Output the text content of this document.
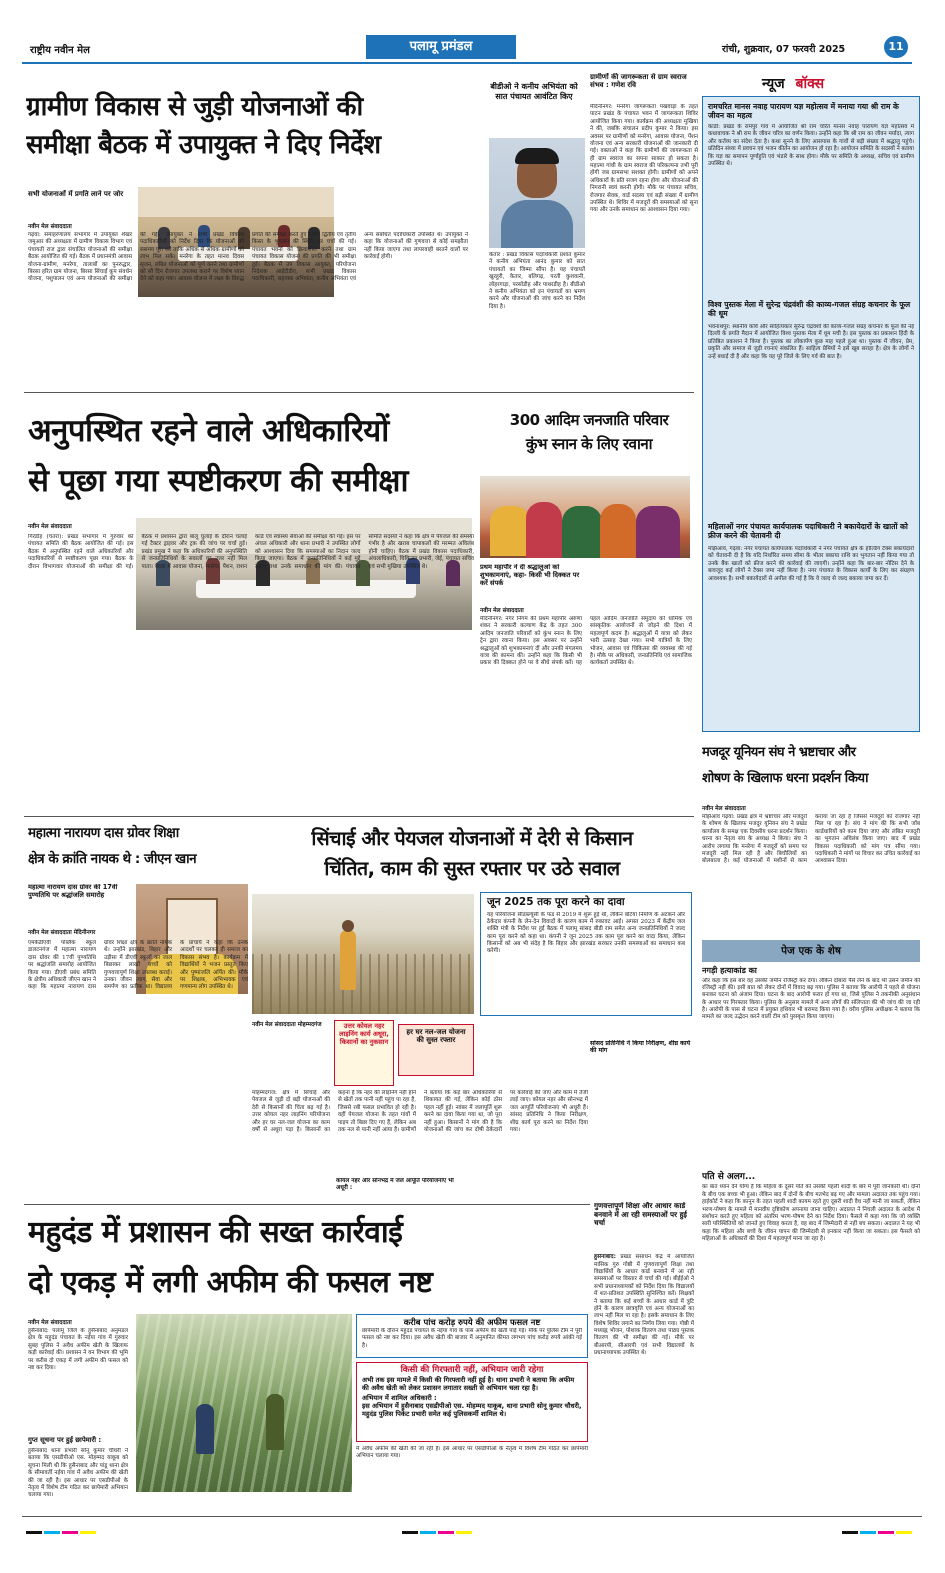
राष्ट्रीय नवीन मेल	पलामू प्रमंडल	रांची, शुक्रवार, 07 फरवरी 2025	11
ग्रामीण विकास से जुड़ी योजनाओं की
समीक्षा बैठक में उपायुक्त ने दिए निर्देश
सभी योजनाओं में प्रगति लाने पर जोर
नवीन मेल संवाददाता
गढ़वा: समाहरणालय सभागार में उपायुक्त शेखर जमुआर की अध्यक्षता में ग्रामीण विकास विभाग एवं पंचायती राज द्वारा संचालित योजनाओं की समीक्षा बैठक आयोजित की गई। बैठक में प्रधानमंत्री आवास योजना-ग्रामीण, मनरेगा, तालाबों का पुनरुद्धार, बिरसा हरित ग्राम योजना, बिरसा सिंचाई कूप संवर्धन योजना, पशुपालन एवं अन्य योजनाओं की समीक्षा की गई। उपायुक्त ने सभी प्रखंड विकास पदाधिकारियों को निर्देश दिया कि योजनाओं को ससमय पूरा करें ताकि अधिक से अधिक ग्रामीणों को लाभ मिल सके। मनरेगा के तहत मानव दिवस सृजन, लंबित योजनाओं को पूर्ण करने तथा ग्रामीणों को सौ दिन रोजगार उपलब्ध कराने पर विशेष ध्यान देने को कहा गया। आवास योजना में लक्ष्य के विरुद्ध प्रगति की समीक्षा करते हुए प्रथम, द्वितीय एवं तृतीय किस्त के भुगतान की स्थिति पर चर्चा की गई। पंचायत भवनों को क्रियाशील करने तथा ग्राम पंचायत विकास योजना की प्रगति की भी समीक्षा हुई। बैठक में उप विकास आयुक्त, परियोजना निदेशक आईटीडीए, सभी प्रखंड विकास पदाधिकारी, सहायक अभियंता, कनीय अभियंता एवं अन्य संबंधित पदाधिकारी उपस्थित थे। उपायुक्त ने कहा कि योजनाओं की गुणवत्ता से कोई समझौता नहीं किया जाएगा तथा लापरवाही बरतने वालों पर कार्रवाई होगी।
बीडीओ ने कनीय अभियंता को सात पंचायत आवंटित किए
केतार : प्रखंड विकास पदाधिकारी प्रशांत कुमार ने कनीय अभियंता आनंद कुमार को सात पंचायतों का जिम्मा सौंपा है। यह पंचायतें खुरहुरी, केतार, बलिगढ़, परती कुशवानी, लोहरगाड़ा, परसोडीह और पाथरडीह है। बीडीओ ने कनीय अभियंता को इन पंचायतों का भ्रमण करने और योजनाओं की जांच करने का निर्देश दिया है।
ग्रामीणों की जागरूकता से ग्राम स्वराज संभव : गणेश रवि
मेदिनीनगर: मनरेगा जागरूकता पखवाड़ा के तहत पाटन प्रखंड के पंचायत भवन में जागरूकता शिविर आयोजित किया गया। कार्यक्रम की अध्यक्षता मुखिया ने की, जबकि संचालन प्रदीप कुमार ने किया। इस अवसर पर ग्रामीणों को मनरेगा, आवास योजना, पेंशन योजना एवं अन्य सरकारी योजनाओं की जानकारी दी गई। वक्ताओं ने कहा कि ग्रामीणों की जागरूकता से ही ग्राम स्वराज का सपना साकार हो सकता है। महात्मा गांधी के ग्राम स्वराज की परिकल्पना तभी पूरी होगी जब ग्रामसभा सशक्त होगी। ग्रामीणों को अपने अधिकारों के प्रति सजग रहना होगा और योजनाओं की निगरानी स्वयं करनी होगी। मौके पर पंचायत सचिव, रोजगार सेवक, वार्ड सदस्य एवं बड़ी संख्या में ग्रामीण उपस्थित थे। शिविर में मजदूरों की समस्याओं को सुना गया और उनके समाधान का आश्वासन दिया गया।
न्यूज बॉक्स
रामचरित मानस नवाह पारायण यज्ञ महोत्सव में मनाया गया श्री राम के जीवन का महत्व
कांडी: प्रखंड के रामपुर गांव में आयोजित श्री राम चरित मानस नवाह पारायण यज्ञ महोत्सव में कथावाचक ने श्री राम के जीवन चरित्र का वर्णन किया। उन्होंने कहा कि श्री राम का जीवन मर्यादा, त्याग और कर्तव्य का संदेश देता है। कथा सुनने के लिए आसपास के गांवों से बड़ी संख्या में श्रद्धालु पहुंचे। प्रतिदिन संध्या में प्रवचन एवं भजन कीर्तन का आयोजन हो रहा है। आयोजन समिति के सदस्यों ने बताया कि यज्ञ का समापन पूर्णाहुति एवं भंडारे के साथ होगा। मौके पर समिति के अध्यक्ष, सचिव एवं ग्रामीण उपस्थित थे।
विश्व पुस्तक मेला में सुरेन्द्र चंद्रवंशी की काव्य-गजल संग्रह कचनार के फूल की धूम
भवनाथपुर: स्थानीय कवि और साहित्यकार सुरेन्द्र चंद्रवंशी की काव्य-गजल संग्रह कचनार के फूल की नई दिल्ली के प्रगति मैदान में आयोजित विश्व पुस्तक मेला में धूम मची है। इस पुस्तक का प्रकाशन हिंदी के प्रतिष्ठित प्रकाशन ने किया है। पुस्तक का लोकार्पण कुछ माह पहले हुआ था। पुस्तक में जीवन, प्रेम, प्रकृति और समाज से जुड़ी रचनाएं संकलित हैं। साहित्य प्रेमियों ने इसे खूब सराहा है। क्षेत्र के लोगों ने उन्हें बधाई दी है और कहा कि यह पूरे जिले के लिए गर्व की बात है।
महिलाओं नगर पंचायत कार्यपालक पदाधिकारी ने बकायेदारों के खातों को फ्रीज करने की चेतावनी दी
मझिआंव, गढ़वा: नगर पंचायत कार्यपालक पदाधिकारी ने नगर पंचायत क्षेत्र के होल्डिंग टैक्स बकायेदारों को चेतावनी दी है कि यदि निर्धारित समय सीमा के भीतर बकाया राशि का भुगतान नहीं किया गया तो उनके बैंक खातों को फ्रीज करने की कार्रवाई की जाएगी। उन्होंने कहा कि बार-बार नोटिस देने के बावजूद कई लोगों ने टैक्स जमा नहीं किया है। नगर पंचायत के विकास कार्यों के लिए कर संग्रहण आवश्यक है। सभी बकायेदारों से अपील की गई है कि वे जल्द से जल्द बकाया जमा कर दें।
अनुपस्थित रहने वाले अधिकारियों
से पूछा गया स्पष्टीकरण की समीक्षा
नवीन मेल संवाददाता
गिरडीह (चतरा): प्रखंड सभागार में गुरुवार को पंचायत समिति की बैठक आयोजित की गई। इस बैठक में अनुपस्थित रहने वाले अधिकारियों और पदाधिकारियों से स्पष्टीकरण पूछा गया। बैठक के दौरान विभागवार योजनाओं की समीक्षा की गई। बैठक में प्रशासन द्वारा बालू घुलाई के दौरान चलाई गई टैक्टर ड्राइवर और ट्रक की जांच पर चर्चा हुई। प्रखंड प्रमुख ने कहा कि अधिकारियों की अनुपस्थिति से जनप्रतिनिधियों के सवालों का उत्तर नहीं मिल पाता। बैठक में आवास योजना, मनरेगा, पेंशन, राशन कार्ड एवं स्वास्थ्य सेवाओं की समीक्षा की गई। इस पर अंचल अधिकारी और थाना प्रभारी ने उपस्थित लोगों को आश्वासन दिया कि समस्याओं का निदान जल्द किया जाएगा। बैठक में जनप्रतिनिधियों ने कई मुद्दे उठाए तथा उनके समाधान की मांग की। पंचायत समिति सदस्यों ने कहा कि क्षेत्र में पेयजल की समस्या गंभीर है और खराब चापाकलों की मरम्मत अविलंब होनी चाहिए। बैठक में प्रखंड विकास पदाधिकारी, अंचलाधिकारी, चिकित्सा प्रभारी, जेई, पंचायत सचिव एवं सभी मुखिया उपस्थित थे।
300 आदिम जनजाति परिवार
कुंभ स्नान के लिए रवाना
प्रथम महापौर ने दी श्रद्धालुओं को शुभकामनाएं, कहा- किसी भी दिक्कत पर करें संपर्क
नवीन मेल संवाददाता
मेदिनीनगर: नगर निगम की प्रथम महापौर अरुणा शंकर ने सरकारी कल्याण केंद्र के तहत 300 आदिम जनजाति परिवारों को कुंभ स्नान के लिए ट्रेन द्वारा रवाना किया। इस अवसर पर उन्होंने श्रद्धालुओं को शुभकामनाएं दीं और उनकी मंगलमय यात्रा की कामना की। उन्होंने कहा कि किसी भी प्रकार की दिक्कत होने पर वे सीधे संपर्क करें। यह पहल आदिम जनजाति समुदाय को धार्मिक एवं सांस्कृतिक आयोजनों से जोड़ने की दिशा में महत्वपूर्ण कदम है। श्रद्धालुओं में यात्रा को लेकर भारी उत्साह देखा गया। सभी यात्रियों के लिए भोजन, आवास एवं चिकित्सा की व्यवस्था की गई है। मौके पर अधिकारी, जनप्रतिनिधि एवं सामाजिक कार्यकर्ता उपस्थित थे।
मजदूर यूनियन संघ ने भ्रष्टाचार और
शोषण के खिलाफ धरना प्रदर्शन किया
नवीन मेल संवाददाता
मझिआंव गढ़वा: प्रखंड क्षेत्र में भ्रष्टाचार और मजदूरों के शोषण के खिलाफ मजदूर यूनियन संघ ने प्रखंड कार्यालय के समक्ष एक दिवसीय धरना प्रदर्शन किया। धरना का नेतृत्व संघ के अध्यक्ष ने किया। संघ ने आरोप लगाया कि मनरेगा में मजदूरों को समय पर मजदूरी नहीं मिल रही है और बिचौलियों का बोलबाला है। कई योजनाओं में मशीनों से काम कराया जा रहा है जिससे मजदूरों को रोजगार नहीं मिल पा रहा है। संघ ने मांग की कि सभी जॉब कार्डधारियों को काम दिया जाए और लंबित मजदूरी का भुगतान अविलंब किया जाए। बाद में प्रखंड विकास पदाधिकारी को मांग पत्र सौंपा गया। पदाधिकारी ने मांगों पर विचार कर उचित कार्रवाई का आश्वासन दिया।
महात्मा नारायण दास ग्रोवर शिक्षा
क्षेत्र के क्रांति नायक थे : जीएन खान
महात्मा नारायण दास ग्रोवर की 17वीं पुण्यतिथि पर श्रद्धांजलि समारोह
नवीन मेल संवाददाता मेदिनीनगर
एमकेडीएवी पब्लिक स्कूल डालटनगंज में महात्मा नारायण दास ग्रोवर की 17वीं पुण्यतिथि पर श्रद्धांजलि समारोह आयोजित किया गया। डीएवी प्रबंध समिति के क्षेत्रीय अधिकारी जीएन खान ने कहा कि महात्मा नारायण दास ग्रोवर शिक्षा क्षेत्र के क्रांति नायक थे। उन्होंने झारखंड, बिहार और उड़ीसा में डीएवी स्कूलों का जाल बिछाकर लाखों बच्चों को गुणवत्तापूर्ण शिक्षा उपलब्ध कराई। उनका जीवन त्याग, सेवा और समर्पण का प्रतीक था। विद्यालय के प्राचार्य ने कहा कि उनके आदर्शों पर चलकर ही समाज का विकास संभव है। कार्यक्रम में विद्यार्थियों ने भजन प्रस्तुत किए और पुष्पांजलि अर्पित की। मौके पर शिक्षक, अभिभावक एवं गणमान्य लोग उपस्थित थे।
सिंचाई और पेयजल योजनाओं में देरी से किसान
चिंतित, काम की सुस्त रफ्तार पर उठे सवाल
जून 2025 तक पूरा करने का दावा
यह परियोजना सीडब्ल्यूसी के फंड से 2019 में शुरू हुई थी, लेकिन बंटिया निर्माण के अटकने और ठेकेदार कंपनी के लेन-देन विवादों के कारण काम में रुकावट आई। अगस्त 2023 में केंद्रीय जल शक्ति मंत्री के निर्देश पर हुई बैठक में पलामू सांसद बीडी राम समेत अन्य जनप्रतिनिधियों ने जल्द काम पूरा करने को कहा था। कंपनी ने जून 2025 तक काम पूरा करने का वादा किया, लेकिन किसानों को अब भी संदेह है कि बिहार और झारखंड सरकार उनकी समस्याओं का समाधान कब करेगी।
नवीन मेल संवाददाता मोहम्मदगंज	उत्तर कोयल नहर लाइनिंग कार्य अधूरा, किसानों का नुकसान
हर घर नल-जल योजना की सुस्त रफ्तार
मोहम्मदगंज: क्षेत्र में सिंचाई और पेयजल से जुड़ी दो बड़ी योजनाओं की देरी से किसानों की चिंता बढ़ गई है। उत्तर कोयल नहर लाइनिंग परियोजना और हर घर नल-जल योजना का काम वर्षों से अधूरा पड़ा है। किसानों का कहना है कि नहर की लाइनिंग नहीं होने से खेतों तक पानी नहीं पहुंच पा रहा है, जिससे रबी फसल प्रभावित हो रही है। वहीं पेयजल योजना के तहत गांवों में पाइप तो बिछा दिए गए हैं, लेकिन अब तक नल से पानी नहीं आया है। ग्रामीणों ने बताया कि कई बार अधिकारियों से शिकायत की गई, लेकिन कोई ठोस पहल नहीं हुई। नवंबर में जलापूर्ति शुरू करने का दावा किया गया था, जो पूरा नहीं हुआ। किसानों ने मांग की है कि योजनाओं की जांच कर दोषी ठेकेदारों पर कार्रवाई की जाए और काम में तेजी लाई जाए। कोयल नहर और सोनभद्र में जल आपूर्ति परियोजनाएं भी अधूरी हैं। सांसद प्रतिनिधि ने किया निरीक्षण, शीघ्र कार्य पूरा करने का निर्देश दिया गया।
कोयल नहर और सोनभद्र में जल आपूर्ति परियोजनाएं भी अधूरी :
सांसद प्रतिनिधि ने किया निरीक्षण, शीघ्र कार्य की मांग
पेज एक के शेष
नगड़ी हत्याकांड का
और कहा कि इस बार वह उसकी जमीन रजिस्ट्री कर देगा। लेकिन दोबारा पैसे लेने के बाद भी उसने जमीन की रजिस्ट्री नहीं की। इसी बात को लेकर दोनों में विवाद बढ़ गया। पुलिस ने बताया कि आरोपी ने पहले से योजना बनाकर घटना को अंजाम दिया। घटना के बाद आरोपी फरार हो गया था, जिसे पुलिस ने तकनीकी अनुसंधान के आधार पर गिरफ्तार किया। पुलिस के अनुसार मामले में अन्य लोगों की संलिप्तता की भी जांच की जा रही है। आरोपी के पास से घटना में प्रयुक्त हथियार भी बरामद किया गया है। वरीय पुलिस अधीक्षक ने बताया कि मामले का जल्द उद्भेदन करने वाली टीम को पुरस्कृत किया जाएगा।
पति से अलग...
का बात ध्यान देने योग्य है कि महिला के दूसरे पति को उसकी पहली शादी के बारे में पूरी जानकारी थी। दोनों के बीच एक बच्चा भी हुआ। लेकिन बाद में दोनों के बीच मतभेद बढ़ गए और मामला अदालत तक पहुंच गया। हाईकोर्ट ने कहा कि कानून के तहत पहली शादी कायम रहते हुए दूसरी शादी वैध नहीं मानी जा सकती, लेकिन भरण-पोषण के मामले में मानवीय दृष्टिकोण अपनाया जाना चाहिए। अदालत ने निचली अदालत के आदेश में संशोधन करते हुए महिला को अंतरिम भरण-पोषण देने का निर्देश दिया। फैसले में कहा गया कि जो व्यक्ति सारी परिस्थितियों को जानते हुए विवाह करता है, वह बाद में जिम्मेदारी से नहीं बच सकता। अदालत ने यह भी कहा कि महिला और बच्चे के जीवन यापन की जिम्मेदारी से इनकार नहीं किया जा सकता। इस फैसले को महिलाओं के अधिकारों की दिशा में महत्वपूर्ण माना जा रहा है।
गुणवत्तापूर्ण शिक्षा और आधार कार्ड बनवाने में आ रही समस्याओं पर हुई चर्चा
हुसैनाबाद: प्रखंड संसाधन केंद्र में आयोजित मासिक गुरु गोष्ठी में गुणवत्तापूर्ण शिक्षा तथा विद्यार्थियों के आधार कार्ड बनवाने में आ रही समस्याओं पर विस्तार से चर्चा की गई। बीईईओ ने सभी प्रधानाध्यापकों को निर्देश दिया कि विद्यालयों में शत-प्रतिशत उपस्थिति सुनिश्चित करें। शिक्षकों ने बताया कि कई बच्चों के आधार कार्ड में त्रुटि होने के कारण छात्रवृत्ति एवं अन्य योजनाओं का लाभ नहीं मिल पा रहा है। इसके समाधान के लिए विशेष शिविर लगाने का निर्णय लिया गया। गोष्ठी में मध्याह्न भोजन, पोशाक वितरण तथा पाठ्य पुस्तक वितरण की भी समीक्षा की गई। मौके पर बीआरपी, सीआरपी एवं सभी विद्यालयों के प्रधानाध्यापक उपस्थित थे।
महुदंड में प्रशासन की सख्त कार्रवाई
दो एकड़ में लगी अफीम की फसल नष्ट
नवीन मेल संवाददाता
हुसैनाबाद: पलामू जिले के हुसैनाबाद अनुमंडल क्षेत्र के महुदंड पंचायत के नईया गांव में गुरुवार सुबह पुलिस ने अवैध अफीम खेती के खिलाफ कड़ी कार्रवाई की। प्रशासन ने वन विभाग की भूमि पर करीब दो एकड़ में लगी अफीम की फसल को नष्ट कर दिया।
गुप्त सूचना पर हुई छापेमारी :
हुसैनाबाद थाना प्रभारी सोनू कुमार चौधरी ने बताया कि एसडीपीओ एस. मोहम्मद याकूब को सूचना मिली थी कि हुसैनाबाद और पांडू थाना क्षेत्र के सीमावर्ती नईया गांव में अवैध अफीम की खेती की जा रही है। इस आधार पर एसडीपीओ के नेतृत्व में विशेष टीम गठित कर छापेमारी अभियान चलाया गया।
करीब पांच करोड़ रुपये की अफीम फसल नष्ट
छापेमारी के दौरान महुदंड पंचायत के नईया गांव के पास अफीम की खेती पाई गई। मौके पर पुलिस टीम ने पूरी फसल को नष्ट कर दिया। इस अवैध खेती की बाजार में अनुमानित कीमत लगभग पांच करोड़ रुपये आंकी गई है।
किसी की गिरफ्तारी नहीं, अभियान जारी रहेगा
अभी तक इस मामले में किसी की गिरफ्तारी नहीं हुई है। थाना प्रभारी ने बताया कि अफीम की अवैध खेती को लेकर प्रशासन लगातार सख्ती से अभियान चला रहा है।
अभियान में शामिल अधिकारी :
इस अभियान में हुसैनाबाद एसडीपीओ एस. मोहम्मद याकूब, थाना प्रभारी सोनू कुमार चौधरी, महुदंड पुलिस पिकेट प्रभारी समेत कई पुलिसकर्मी शामिल थे।
में अवैध अफीम की खेती की जा रही है। इस आधार पर एसडीपीओ के नेतृत्व में विशेष टीम गठित कर छापेमारी अभियान चलाया गया।
